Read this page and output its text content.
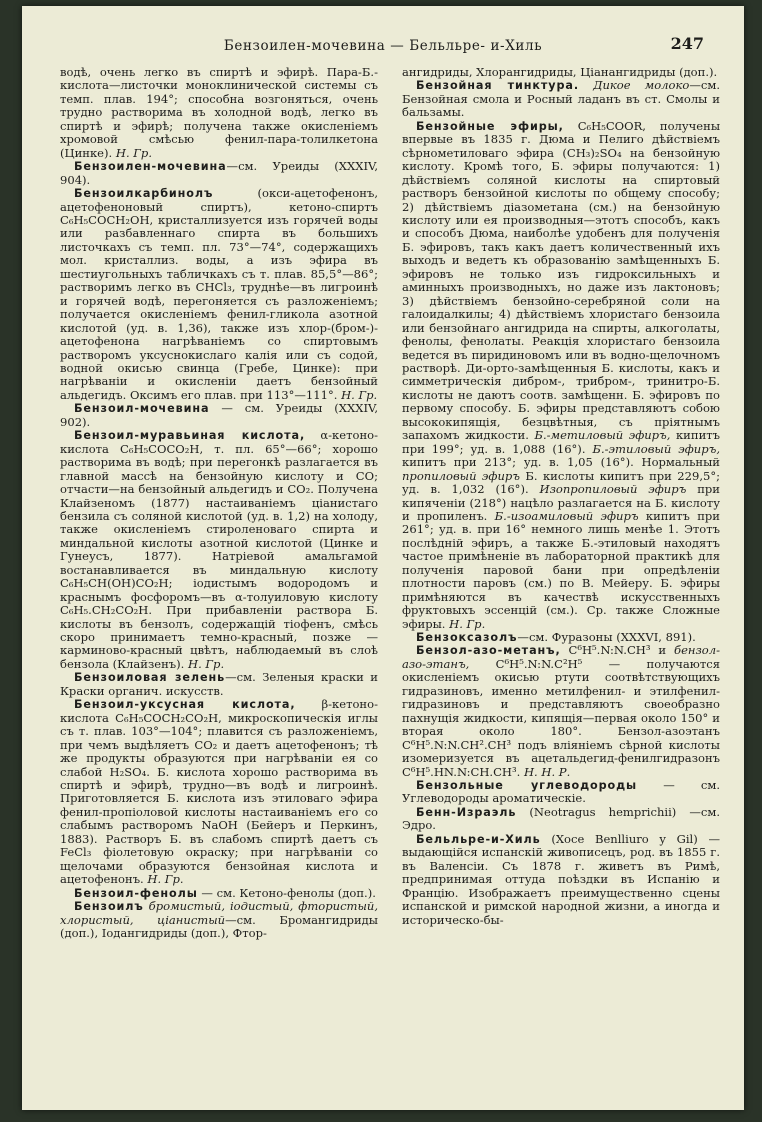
Бензоилен-мочевина — Бельльре- и-Хиль	247

водѣ, очень легко въ спиртѣ и эфирѣ. Пара-Б.-кислота—листочки моноклинической системы съ темп. плав. 194°; способна возгоняться, очень трудно растворима въ холодной водѣ, легко въ спиртѣ и эфирѣ; получена также окисленіемъ хромовой смѣсью фенил-пара-толилкетона (Цинке). Н. Гр.

Бензоилен-мочевина—см. Уреиды (XXXIV, 904).

Бензоилкарбинолъ	(окси-ацетофенонъ, ацетофеноновый спиртъ), кетоно-спиртъ C₆H₅COCH₂OH, кристаллизуется изъ горячей воды или разбавленнаго спирта въ большихъ листочкахъ съ темп. пл. 73°—74°, содержащихъ мол. кристаллиз. воды, а изъ эфира въ шестиугольныхъ табличкахъ съ т. плав. 85,5°—86°; растворимъ легко въ CHCl₃, труднѣе—въ лигроинѣ и горячей водѣ, перегоняется съ разложеніемъ; получается окисленіемъ фенил-гликола азотной кислотой (уд. в. 1,36), также изъ хлор-(бром-)-ацетофенона нагрѣваніемъ со спиртовымъ растворомъ уксуснокислаго калія или съ содой, водной окисью свинца (Гребе, Цинке): при нагрѣваніи и окисленіи даетъ бензойный альдегидъ. Оксимъ его плав. при 113°—111°. Н. Гр.

Бензоил-мочевина — см. Уреиды (XXXIV, 902).

Бензоил-муравьиная кислота, α-кетоно-кислота C₆H₅COCO₂H, т. пл. 65°—66°; хорошо растворима въ водѣ; при перегонкѣ разлагается въ главной массѣ на бензойную кислоту и CO; отчасти—на бензойный альдегидъ и CO₂. Получена Клайзеномъ (1877) настаиваніемъ ціанистаго бензила съ соляной кислотой (уд. в. 1,2) на холоду, также окисленіемъ стироленоваго спирта и миндальной кислоты азотной кислотой (Цинке и Гунеусъ, 1877). Натріевой амальгамой востанавливается въ миндальную кислоту C₆H₅CH(OH)CO₂H; іодистымъ водородомъ и краснымъ фосфоромъ—въ α-толуиловую кислоту C₆H₅.CH₂CO₂H. При прибавленіи раствора Б. кислоты въ бензолъ, содержащій тіофенъ, смѣсь скоро принимаетъ темно-красный, позже — карминово-красный цвѣтъ, наблюдаемый въ слоѣ бензола (Клайзенъ). Н. Гр.

Бензоиловая зелень—см. Зеленыя краски и Краски органич. искусств.

Бензоил-уксусная кислота, β-кетоно-кислота C₆H₅COCH₂CO₂H, микроскопическія иглы съ т. плав. 103°—104°; плавится съ разложеніемъ, при чемъ выдѣляетъ CO₂ и даетъ ацетофенонъ; тѣ же продукты образуются при нагрѣваніи ея со слабой H₂SO₄. Б. кислота хорошо растворима въ спиртѣ и эфирѣ, трудно—въ водѣ и лигроинѣ. Приготовляется Б. кислота изъ этиловаго эфира фенил-пропіоловой кислоты настаиваніемъ его со слабымъ растворомъ NaOH (Бейеръ и Перкинъ, 1883). Растворъ Б. въ слабомъ спиртѣ даетъ съ FeCl₃ фіолетовую окраску; при нагрѣваніи со щелочами образуются бензойная кислота и ацетофенонъ. Н. Гр.

Бензоил-фенолы — см. Кетоно-фенолы (доп.).

Бензоилъ бромистый, іодистый, фтористый, хлористый, ціанистый—см. Бромангидриды (доп.), Іодангидриды (доп.), Фтор-

ангидриды, Хлорангидриды, Ціанангидриды (доп.).

Бензойная тинктура. Дикое молоко—см. Бензойная смола и Росный ладанъ въ ст. Смолы и бальзамы.

Бензойные эфиры, C₆H₅COOR, получены впервые въ 1835 г. Дюма и Пелиго дѣйствіемъ сѣрнометиловаго эфира (CH₃)₂SO₄ на бензойную кислоту. Кромѣ того, Б. эфиры получаются: 1) дѣйствіемъ соляной кислоты на спиртовый растворъ бензойной кислоты по общему способу; 2) дѣйствіемъ діазометана (см.) на бензойную кислоту или ея производныя—этотъ способъ, какъ и способъ Дюма, наиболѣе удобенъ для полученія Б. эфировъ, такъ какъ даетъ количественный ихъ выходъ и ведетъ къ образованію замѣщенныхъ Б. эфировъ не только изъ гидроксильныхъ и аминныхъ производныхъ, но даже изъ лактоновъ; 3) дѣйствіемъ бензойно-серебряной соли на галоидалкилы; 4) дѣйствіемъ хлористаго бензоила или бензойнаго ангидрида на спирты, алкоголаты, фенолы, фенолаты. Реакція хлористаго бензоила ведется въ пиридиновомъ или въ водно-щелочномъ растворѣ. Ди-орто-замѣщенныя Б. кислоты, какъ и симметрическія дибром-, трибром-, тринитро-Б. кислоты не даютъ соотв. замѣщенн. Б. эфировъ по первому способу. Б. эфиры представляютъ собою высококипящія, безцвѣтныя, съ пріятнымъ запахомъ жидкости. Б.-метиловый эфиръ, кипитъ при 199°; уд. в. 1,088 (16°). Б.-этиловый эфиръ, кипитъ при 213°; уд. в. 1,05 (16°). Нормальный пропиловый эфиръ Б. кислоты кипитъ при 229,5°; уд. в. 1,032 (16°). Изопропиловый эфиръ при кипяченіи (218°) нацѣло разлагается на Б. кислоту и пропиленъ. Б.-изоамиловый эфиръ кипитъ при 261°; уд. в. при 16° немного лишь менѣе 1. Этотъ послѣдній эфиръ, а также Б.-этиловый находятъ частое примѣненіе въ лабораторной практикѣ для полученія паровой бани при опредѣленіи плотности паровъ (см.) по В. Мейеру. Б. эфиры примѣняются въ качествѣ искусственныхъ фруктовыхъ эссенцій (см.). Ср. также Сложные эфиры. Н. Гр.

Бензоксазолъ—см. Фуразоны (XXXVI, 891).

Бензол-азо-метанъ, C⁶H⁵.N:N.CH³ и бензол-азо-этанъ, C⁶H⁵.N:N.C²H⁵ — получаются окисленіемъ окисью ртути соотвѣтствующихъ гидразиновъ, именно метилфенил- и этилфенил-гидразиновъ и представляютъ своеобразно пахнущія жидкости, кипящія—первая около 150° и вторая около 180°. Бензол-азоэтанъ C⁶H⁵.N:N.CH².CH³ подъ вліяніемъ сѣрной кислоты изомеризуется въ ацетальдегид-фенилгидразонъ C⁶H⁵.HN.N:CH.CH³. Н. Н. Р.

Бензольные углеводороды — см. Углеводороды ароматическіе.

Бенн-Израэль (Neotragus hemprichii) —см. Эдро.

Бельльре-и-Хиль (Xoce Benlliuro y Gil) —выдающійся испанскій живописецъ, род. въ 1855 г. въ Валенсіи. Съ 1878 г. живетъ въ Римѣ, предпринимая оттуда поѣздки въ Испанію и Францію. Изображаетъ преимущественно сцены испанской и римской народной жизни, а иногда и историческо-бы-
